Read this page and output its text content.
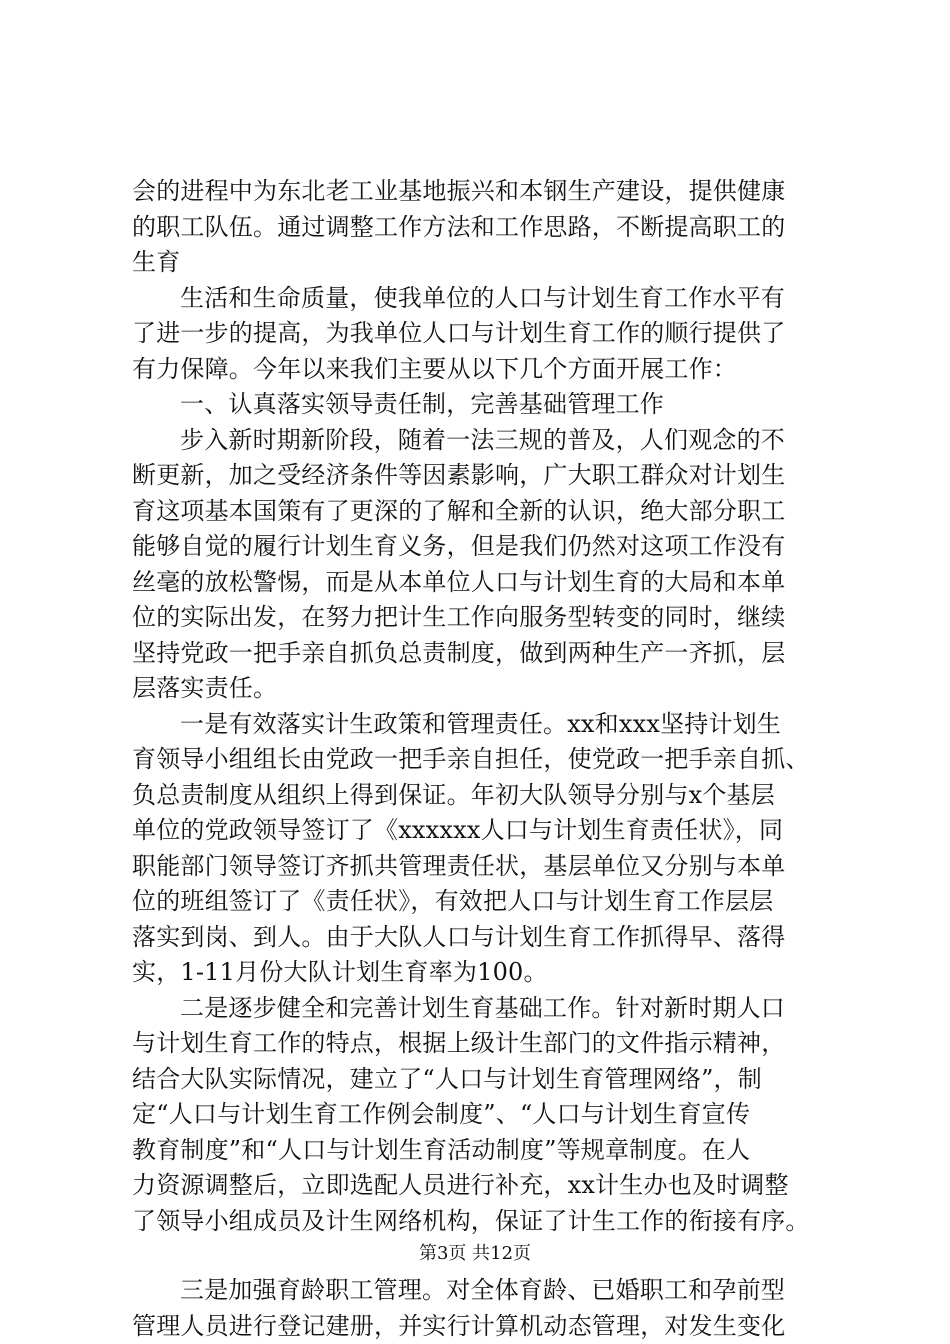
会的进程中为东北老工业基地振兴和本钢生产建设，提供健康
的职工队伍。通过调整工作方法和工作思路，不断提高职工的
生育
生活和生命质量，使我单位的人口与计划生育工作水平有
了进一步的提高，为我单位人口与计划生育工作的顺行提供了
有力保障。今年以来我们主要从以下几个方面开展工作：
一、认真落实领导责任制，完善基础管理工作
步入新时期新阶段，随着一法三规的普及，人们观念的不
断更新，加之受经济条件等因素影响，广大职工群众对计划生
育这项基本国策有了更深的了解和全新的认识，绝大部分职工
能够自觉的履行计划生育义务，但是我们仍然对这项工作没有
丝毫的放松警惕，而是从本单位人口与计划生育的大局和本单
位的实际出发，在努力把计生工作向服务型转变的同时，继续
坚持党政一把手亲自抓负总责制度，做到两种生产一齐抓，层
层落实责任。
一是有效落实计生政策和管理责任。xx和xxx坚持计划生
育领导小组组长由党政一把手亲自担任，使党政一把手亲自抓、
负总责制度从组织上得到保证。年初大队领导分别与x个基层
单位的党政领导签订了《xxxxxx人口与计划生育责任状》，同
职能部门领导签订齐抓共管理责任状，基层单位又分别与本单
位的班组签订了《责任状》，有效把人口与计划生育工作层层
落实到岗、到人。由于大队人口与计划生育工作抓得早、落得
实，1-11月份大队计划生育率为100。
二是逐步健全和完善计划生育基础工作。针对新时期人口
与计划生育工作的特点，根据上级计生部门的文件指示精神，
结合大队实际情况，建立了“人口与计划生育管理网络”，制
定“人口与计划生育工作例会制度”、“人口与计划生育宣传
教育制度”和“人口与计划生育活动制度”等规章制度。在人
力资源调整后，立即选配人员进行补充，xx计生办也及时调整
了领导小组成员及计生网络机构，保证了计生工作的衔接有序。
三是加强育龄职工管理。对全体育龄、已婚职工和孕前型
管理人员进行登记建册，并实行计算机动态管理，对发生变化
第3页 共12页
